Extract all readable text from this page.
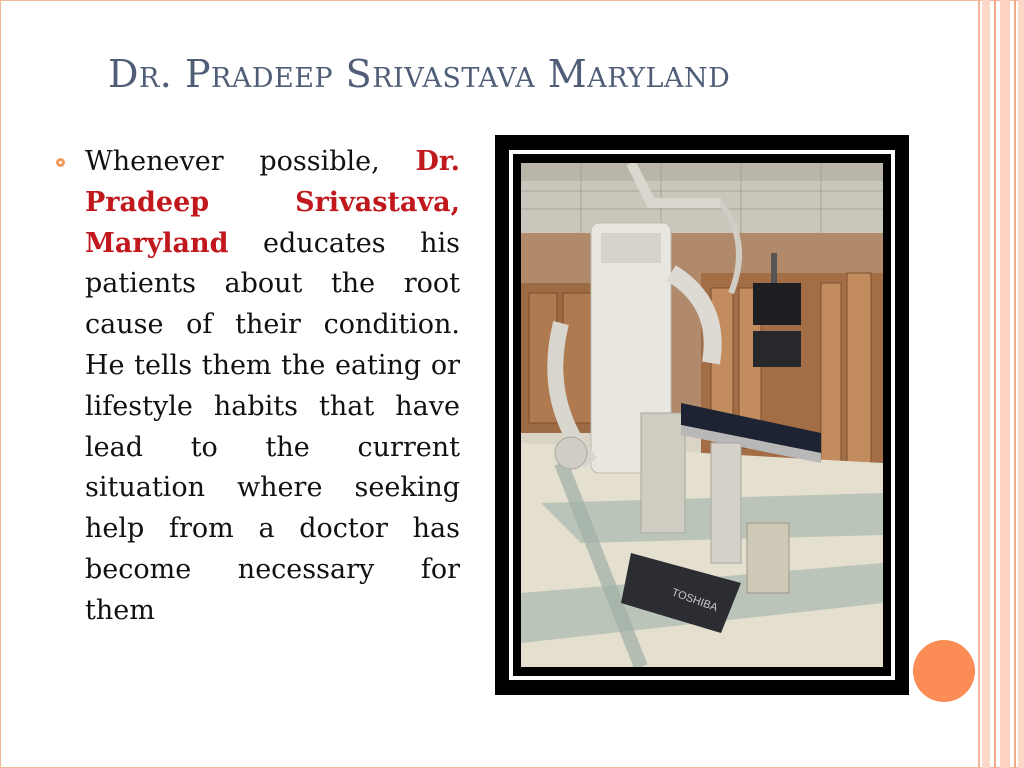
Dr. Pradeep Srivastava Maryland

Whenever possible, Dr. Pradeep Srivastava, Maryland educates his patients about the root cause of their condition. He tells them the eating or lifestyle habits that have lead to the current situation where seeking help from a doctor has become necessary for them	TOSHIBA
